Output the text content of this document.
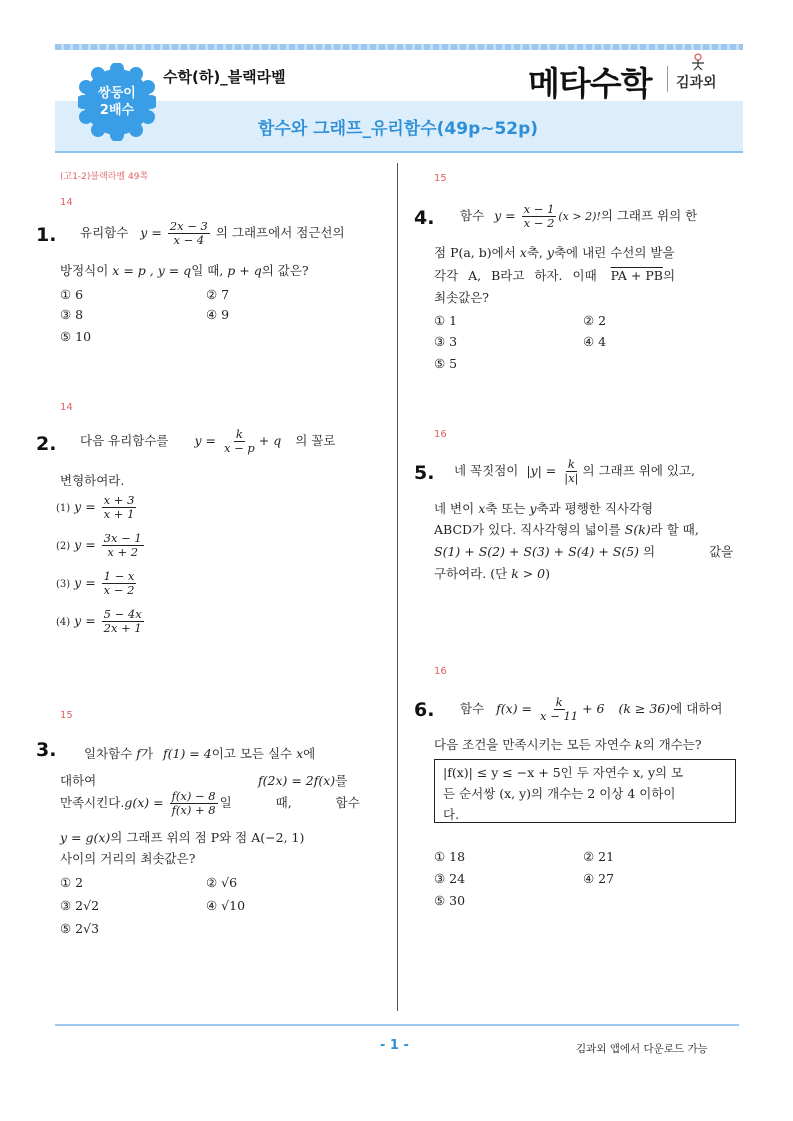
쌍둥이
2배수
수학(하)_블랙라벨	메타수학 김과외
함수와 그래프_유리함수(49p~52p)
(고1-2)블랙라벨 49쪽
14
1. 유리함수 $y = \frac{2x - 3}{x - 4}$ 의 그래프에서 점근선의
방정식이 x = p , y = q일 때, p + q의 값은?
① 6	② 7
③ 8	④ 9
⑤ 10
14
2. 다음 유리함수를 $y = \frac{k}{x - p} + q$ 의 꼴로
변형하여라.
(1) $y = \frac{x + 3}{x + 1}$
(2) $y = \frac{3x - 1}{x + 2}$
(3) $y = \frac{1 - x}{x - 2}$
(4) $y = \frac{5 - 4x}{2x + 1}$
15
3. 일차함수 f가 f(1) = 4이고 모든 실수 x에
대하여	f(2x) = 2f(x)를
만족시킨다$.g(x) = \frac{f(x) - 8}{f(x) + 8}$ 일 때, 함수
y = g(x)의 그래프 위의 점 P와 점 A(−2, 1)
사이의 거리의 최솟값은?
① 2	② √6
③ 2√2	④ √10
⑤ 2√3
15
4. 함수 $y = \frac{x - 1}{x - 2} (x > 2)$!의 그래프 위의 한
점 P(a, b)에서 x축, y축에 내린 수선의 발을
각각 A, B라고 하자. 이때 PA + PB의
최솟값은?
① 1	② 2
③ 3	④ 4
⑤ 5
16
5. 네 꼭짓점이 $|y| = \frac{k}{|x|}$ 의 그래프 위에 있고,
네 변이 x축 또는 y축과 평행한 직사각형
ABCD가 있다. 직사각형의 넓이를 S(k)라 할 때,
S(1) + S(2) + S(3) + S(4) + S(5) 의	값을
구하여라. (단 k > 0)
16
6. 함수 $f(x) = \frac{k}{x - 11} + 6$ (k ≥ 36)에 대하여
다음 조건을 만족시키는 모든 자연수 k의 개수는?
|f(x)| ≤ y ≤ −x + 5인 두 자연수 x, y의 모
든 순서쌍 (x, y)의 개수는 2 이상 4 이하이
다.
① 18	② 21
③ 24	④ 27
⑤ 30
- 1 -	김과외 앱에서 다운로드 가능
